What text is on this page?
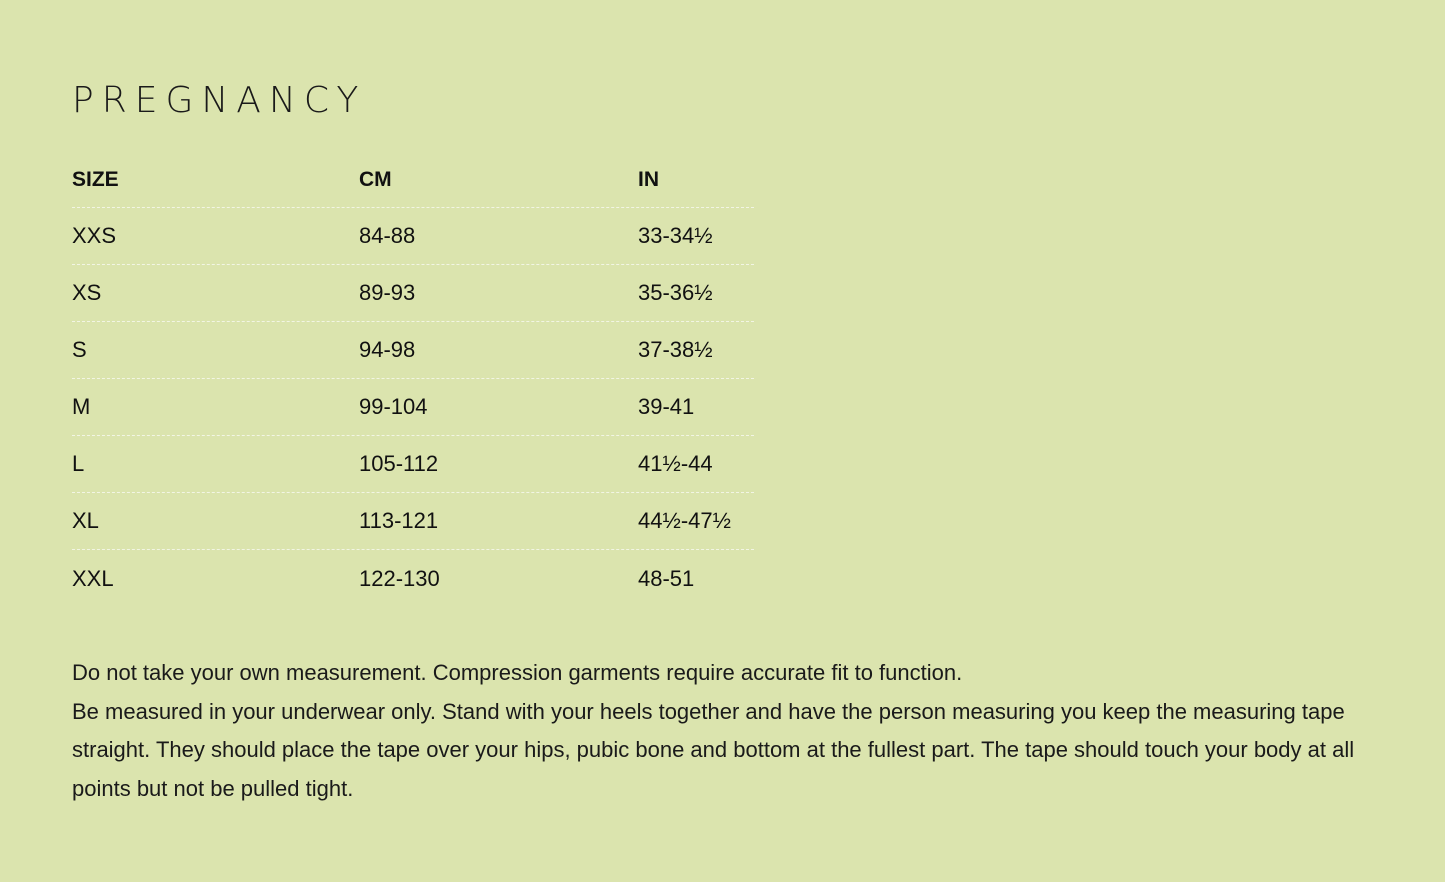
PREGNANCY
SIZE	CM	IN
XXS	84-88	33-34½
XS	89-93	35-36½
S	94-98	37-38½
M	99-104	39-41
L	105-112	41½-44
XL	113-121	44½-47½
XXL	122-130	48-51

Do not take your own measurement. Compression garments require accurate fit to function.

Be measured in your underwear only. Stand with your heels together and have the person measuring you keep the measuring tape straight. They should place the tape over your hips, pubic bone and bottom at the fullest part. The tape should touch your body at all points but not be pulled tight.
